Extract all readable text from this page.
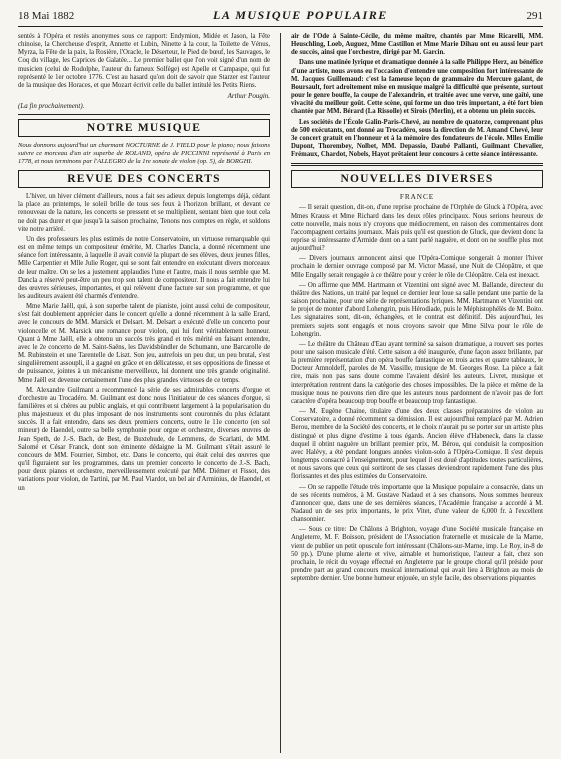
18 Mai 1882	LA MUSIQUE POPULAIRE	291

sentés à l'Opéra et restés anonymes sous ce rapport: Endymion, Midée et Jason, la Fête chinoise, la Chercheuse d'esprit, Annette et Lubin, Ninette à la cour, la Toilette de Vénus, Myrza, la Fête de la paix, la Rosière, l'Oracle, le Déserteur, le Pied de bœuf, les Sauvages, le Coq du village, les Caprices de Galatée... Le premier ballet que l'on voit signé d'un nom de musicien (celui de Rodolphe, l'auteur du fameux Solfège) est Apelle et Campaspe, qui fut représenté le 1er octobre 1776. C'est au hasard qu'on doit de savoir que Starzer est l'auteur de la musique des Horaces, et que Mozart écrivit celle du ballet intitulé les Petits Riens.

Arthur Pougin.
(La fin prochainement).
NOTRE MUSIQUE
Nous donnons aujourd'hui un charmant NOCTURNE de J. FIELD pour le piano; nous faisons suivre ce morceau d'un air superbe de ROLAND, opéra de PICCINNI représenté à Paris en 1778, et nous terminons par l'ALLEGRO de la 1re sonate de violon (op. 5), de BORGHI.
REVUE DES CONCERTS

L'hiver, un hiver clément d'ailleurs, nous a fait ses adieux depuis longtemps déjà, cédant la place au printemps, le soleil brille de tous ses feux à l'horizon brillant, et devant ce renouveau de la nature, les concerts se pressent et se multiplient, sentant bien que tout cela ne doit pas durer et que jusqu'à la saison prochaine, Tenons nos comptes en règle, et soldons vite notre arriéré.

Un des professeurs les plus estimés de notre Conservatoire, un virtuose remarquable qui est en même temps un compositeur émérite, M. Charles Dancla, a donné récemment une séance fort intéressante, à laquelle il avait convié la plupart de ses élèves, deux jeunes filles, Mlle Carpentier et Mlle Julie Roger, qui se sont fait entendre en exécutant divers morceaux de leur maître. On se les a justement applaudies l'une et l'autre, mais il nous semble que M. Dancla a réservé peut-être un peu trop son talent de compositeur. Il nous a fait entendre lui des œuvres sérieuses, importantes, et qui relèvent d'une facture sur son programme, et que les auditeurs avaient été charmés d'entendre.

Mme Marie Jaëll, qui, à son superbe talent de pianiste, joint aussi celui de compositeur, s'est fait doublement apprécier dans le concert qu'elle a donné récemment à la salle Erard, avec le concours de MM. Marsick et Delsart. M. Delsart a exécuté d'elle un concerto pour violoncelle et M. Marsick une romance pour violon, qui lui font véritablement honneur. Quant à Mme Jaëll, elle a obtenu un succès très grand et très mérité en faisant entendre, avec le 2e concerto de M. Saint-Saëns, les Davidsbündler de Schumann, une Barcarolle de M. Rubinstein et une Tarentelle de Liszt. Son jeu, autrefois un peu dur, un peu brutal, s'est singulièrement assoupli, il a gagné en grâce et en délicatesse, et ses oppositions de finesse et de puissance, jointes à un mécanisme merveilleux, lui donnent une très grande originalité. Mme Jaëll est devenue certainement l'une des plus grandes virtuoses de ce temps.

M. Alexandre Guilmant a recommencé la série de ses admirables concerts d'orgue et d'orchestre au Trocadéro. M. Guilmant est donc nous l'initiateur de ces séances d'orgue, si familières et si chères au public anglais, et qui contribuent largement à la popularisation du plus majestueux et du plus imposant de nos instruments sont couronnés du plus éclatant succès. Il a fait entendre, dans ses deux premiers concerts, outre le 11e concerto (en sol mineur) de Haendel, outre sa belle symphonie pour orgue et orchestre, diverses œuvres de Jean Speth, de J.-S. Bach, de Best, de Buxtehude, de Lemmens, de Scarlatti, de MM. Salomé et César Franck, dont son éminente dédaigne la M. Guilmant s'était assuré le concours de MM. Fourrier, Simbot, etc. Dans le concerto, qui était celui des œuvres que qu'il figuraient sur les programmes, dans un premier concerto le concerto de J.-S. Bach, pour deux pianos et orchestre, merveilleusement exécuté par MM. Diémer et Fissot, des variations pour violon, de Tartini, par M. Paul Viardot, un bel air d'Arminius, de Haendel, et un

air de l'Ode à Sainte-Cécile, du même maître, chantés par Mme Ricarelli, MM. Heuschling, Loeb, Auguez, Mme Castillon et Mme Marie Dihau ont eu aussi leur part de succès, ainsi que l'orchestre, dirigé par M. Garcin.

Dans une matinée lyrique et dramatique donnée à la salle Philippe Herz, au bénéfice d'une artiste, nous avons eu l'occasion d'entendre une composition fort intéressante de M. Jacques Guillemaud: c'est la fameuse leçon de grammaire du Mercure galant, de Boursault, fort adroitement mise en musique malgré la difficulté que présente, surtout pour le genre bouffe, la coupe de l'alexandrin, et traitée avec une verve, une gaîté, une vivacité du meilleur goût. Cette scène, qui forme un duo très important, a été fort bien chantée par MM. Bérard (La Rissolle) et Sirois (Merlin), et a obtenu un plein succès.

Les sociétés de l'École Galin-Paris-Chevé, au nombre de quatorze, comprenant plus de 500 exécutants, ont donné au Trocadéro, sous la direction de M. Amand Chevé, leur 3e concert gratuit en l'honneur et à la mémoire des fondateurs de l'école. Mlles Emilie Dupont, Thorembey, Nolbet, MM. Depassio, Daubé Pallanti, Guilmant Chevalier, Frémaux, Chardot, Nobels, Hayot prêtaient leur concours à cette séance intéressante.

NOUVELLES DIVERSES
FRANCE

— Il serait question, dit-on, d'une reprise prochaine de l'Orphée de Gluck à l'Opéra, avec Mmes Krauss et Mme Richard dans les deux rôles principaux. Nous serions heureux de cette nouvelle, mais nous n'y croyons que médiocrement, en raison des commentaires dont l'accompagnent certains journaux. Mais puis qu'il est question de Gluck, que devient donc la reprise si intéressante d'Armide dont on a tant parlé naguère, et dont on ne souffle plus mot aujourd'hui?

— Divers journaux annoncent ainsi que l'Opéra-Comique songerait à monter l'hiver prochain le dernier ouvrage composé par M. Victor Massé, une Nuit de Cléopâtre, et que Mlle Engally serait rengagée à ce théâtre pour y créer le rôle de Cléopâtre. Cela est inexact.

— On affirme que MM. Hartmann et Vizentini ont signé avec M. Ballande, directeur du théâtre des Nations, un traité par lequel ce dernier leur loue sa salle pendant une partie de la saison prochaine, pour une série de représentations lyriques. MM. Hartmann et Vizentini ont le projet de monter d'abord Lohengrin, puis Hérodiade, puis le Méphistophélès de M. Boito. Les signataires sont, dit-on, échangées, et le contrat est définitif. Dès aujourd'hui, les premiers sujets sont engagés et nous croyons savoir que Mme Silva pour le rôle de Lohengrin.

— Le théâtre du Château d'Eau ayant terminé sa saison dramatique, a rouvert ses portes pour une saison musicale d'été. Cette saison a été inaugurée, d'une façon assez brillante, par la première représentation d'un opéra bouffe fantastique en trois actes et quatre tableaux, le Docteur Amnoldeff, paroles de M. Vassille, musique de M. Georges Rose. La pièce a fait rire, mais non pas sans doute comme l'avaient désiré les auteurs. Livret, musique et interprétation rentrent dans la catégorie des choses impossibles. De la pièce et même de la musique nous ne pouvons rien dire que les auteurs nous pardonnent de n'avoir pas de fort caractère d'opéra beaucoup trop bouffe et beaucoup trop fantastique.

— M. Eugène Chaine, titulaire d'une des deux classes préparatoires de violon au Conservatoire, a donné récemment sa démission. Il est aujourd'hui remplacé par M. Adrien Berou, membre de la Société des concerts, et le choix n'aurait pu se porter sur un artiste plus distingué et plus digne d'estime à tous égards. Ancien élève d'Habeneck, dans la classe duquel il obtint naguère un brillant premier prix, M. Bérou, qui conduisit la composition avec Halévy, a été pendant longues années violon-solo à l'Opéra-Comique. Il s'est depuis longtemps consacré à l'enseignement, pour lequel il est doué d'aptitudes toutes particulières, et nous savons que ceux qui sortiront de ses classes deviendront rapidement l'une des plus florissantes et des plus estimées du Conservatoire.

— On se rappelle l'étude très importante que la Musique populaire a consacrée, dans un de ses récents numéros, à M. Gustave Nadaud et à ses chansons. Nous sommes heureux d'annoncer que, dans une de ses dernières séances, l'Académie française a accordé à M. Nadaud un de ses prix importants, le prix Vitet, d'une valeur de 6,000 fr. à l'excellent chansonnier.

— Sous ce titre: De Châlons à Brighton, voyage d'une Société musicale française en Angleterre, M. F. Boisson, président de l'Association fraternelle et musicale de la Marne, vient de publier un petit opuscule fort intéressant (Châlons-sur-Marne, imp. Le Roy, in-8 de 50 pp.). D'une plume alerte et vive, aimable et humoristique, l'auteur a fait, chez son prochain, le récit du voyage effectué en Angleterre par le groupe choral qu'il préside pour prendre part au grand concours musical international qui avait lieu à Brighton au mois de septembre dernier. Une bonne humeur enjouée, un style facile, des observations piquantes
